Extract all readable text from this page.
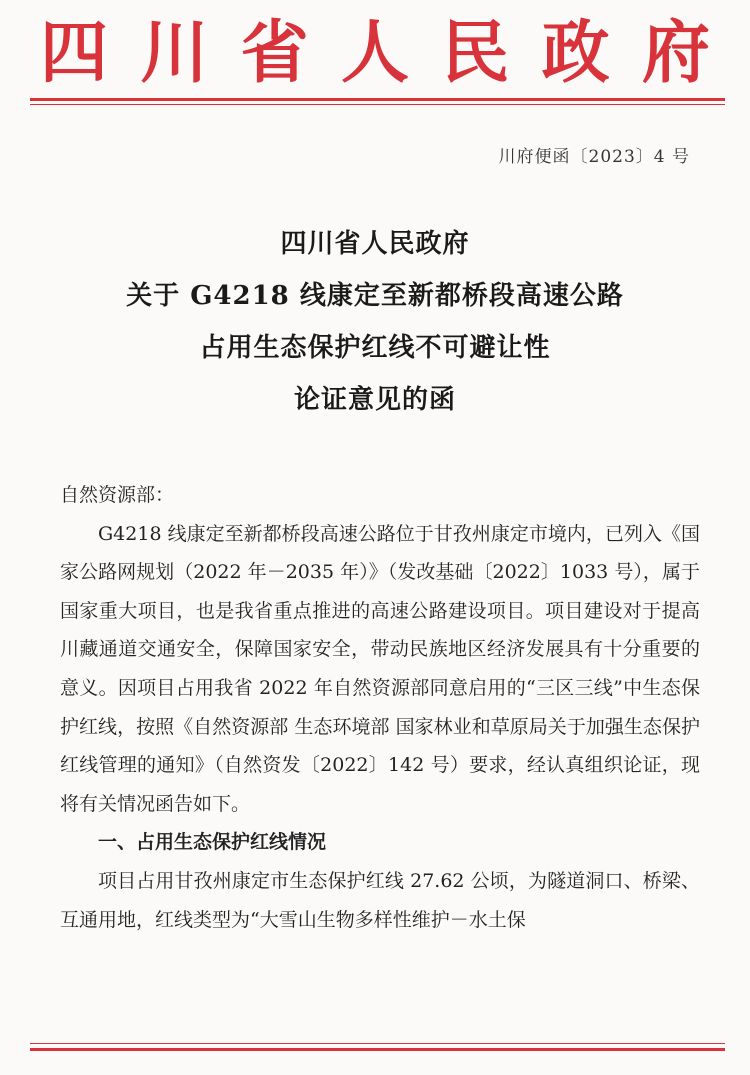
四 川 省 人 民 政 府
川府便函〔2023〕4 号
四川省人民政府
关于 G4218 线康定至新都桥段高速公路
占用生态保护红线不可避让性
论证意见的函

自然资源部：

G4218 线康定至新都桥段高速公路位于甘孜州康定市境内，已列入《国家公路网规划（2022 年－2035 年）》（发改基础〔2022〕1033 号），属于国家重大项目，也是我省重点推进的高速公路建设项目。项目建设对于提高川藏通道交通安全，保障国家安全，带动民族地区经济发展具有十分重要的意义。因项目占用我省 2022 年自然资源部同意启用的“三区三线”中生态保护红线，按照《自然资源部 生态环境部 国家林业和草原局关于加强生态保护红线管理的通知》（自然资发〔2022〕142 号）要求，经认真组织论证，现将有关情况函告如下。

一、占用生态保护红线情况

项目占用甘孜州康定市生态保护红线 27.62 公顷，为隧道洞口、桥梁、互通用地，红线类型为“大雪山生物多样性维护－水土保
